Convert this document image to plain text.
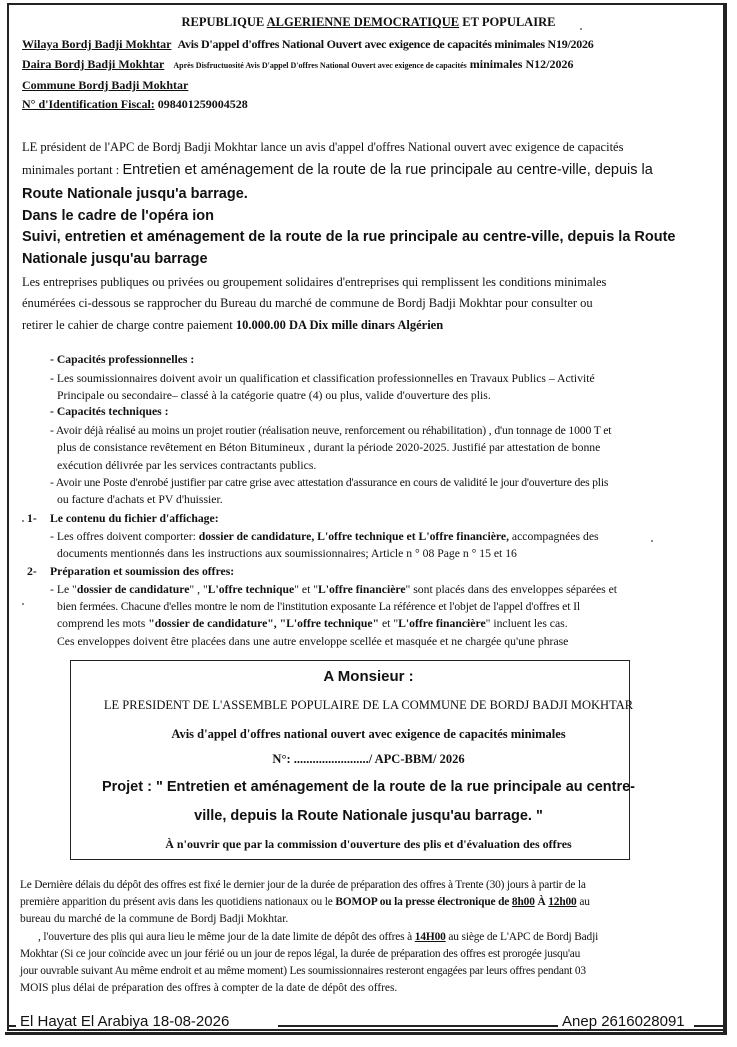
REPUBLIQUE ALGERIENNE DEMOCRATIQUE ET POPULAIRE
Wilaya Bordj Badji Mokhtar Avis D'appel d'offres National Ouvert avec exigence de capacités minimales N19/2026
Daira Bordj Badji Mokhtar Après Disfructuosité Avis D'appel D'offres National Ouvert avec exigence de capacités minimales N12/2026
Commune Bordj Badji Mokhtar
N° d'Identification Fiscal: 098401259004528
LE président de l'APC de Bordj Badji Mokhtar lance un avis d'appel d'offres National ouvert avec exigence de capacités
minimales portant : Entretien et aménagement de la route de la rue principale au centre-ville, depuis la
Route Nationale jusqu'a barrage.
Dans le cadre de l'opéra ion
Suivi, entretien et aménagement de la route de la rue principale au centre-ville, depuis la Route
Nationale jusqu'au barrage
Les entreprises publiques ou privées ou groupement solidaires d'entreprises qui remplissent les conditions minimales
énumérées ci-dessous se rapprocher du Bureau du marché de commune de Bordj Badji Mokhtar pour consulter ou
retirer le cahier de charge contre paiement 10.000.00 DA Dix mille dinars Algérien
- Capacités professionnelles :
- Les soumissionnaires doivent avoir un qualification et classification professionnelles en Travaux Publics – Activité
Principale ou secondaire– classé à la catégorie quatre (4) ou plus, valide d'ouverture des plis.
- Capacités techniques :
- Avoir déjà réalisé au moins un projet routier (réalisation neuve, renforcement ou réhabilitation) , d'un tonnage de 1000 T et
plus de consistance revêtement en Béton Bitumineux , durant la période 2020-2025. Justifié par attestation de bonne
exécution délivrée par les services contractants publics.
- Avoir une Poste d'enrobé justifier par catre grise avec attestation d'assurance en cours de validité le jour d'ouverture des plis
ou facture d'achats et PV d'huissier.
1- Le contenu du fichier d'affichage:
- Les offres doivent comporter: dossier de candidature, L'offre technique et L'offre financière, accompagnées des
documents mentionnés dans les instructions aux soumissionnaires; Article n ° 08 Page n ° 15 et 16
2- Préparation et soumission des offres:
- Le "dossier de candidature" , "L'offre technique" et "L'offre financière" sont placés dans des enveloppes séparées et
bien fermées. Chacune d'elles montre le nom de l'institution exposante La référence et l'objet de l'appel d'offres et Il
comprend les mots "dossier de candidature", "L'offre technique" et "L'offre financière" incluent les cas.
Ces enveloppes doivent être placées dans une autre enveloppe scellée et masquée et ne chargée qu'une phrase
A Monsieur :
LE PRESIDENT DE L'ASSEMBLE POPULAIRE DE LA COMMUNE DE BORDJ BADJI MOKHTAR
Avis d'appel d'offres national ouvert avec exigence de capacités minimales
N°: ......................../ APC-BBM/ 2026
Projet : " Entretien et aménagement de la route de la rue principale au centre-
ville, depuis la Route Nationale jusqu'au barrage. "
À n'ouvrir que par la commission d'ouverture des plis et d'évaluation des offres
Le Dernière délais du dépôt des offres est fixé le dernier jour de la durée de préparation des offres à Trente (30) jours à partir de la
première apparition du présent avis dans les quotidiens nationaux ou le BOMOP ou la presse électronique de 8h00 À 12h00 au
bureau du marché de la commune de Bordj Badji Mokhtar.
, l'ouverture des plis qui aura lieu le même jour de la date limite de dépôt des offres à 14H00 au siège de L'APC de Bordj Badji
Mokhtar (Si ce jour coïncide avec un jour férié ou un jour de repos légal, la durée de préparation des offres est prorogée jusqu'au
jour ouvrable suivant Au même endroit et au même moment) Les soumissionnaires resteront engagées par leurs offres pendant 03
MOIS plus délai de préparation des offres à compter de la date de dépôt des offres.
El Hayat El Arabiya 18-08-2026	Anep 2616028091
